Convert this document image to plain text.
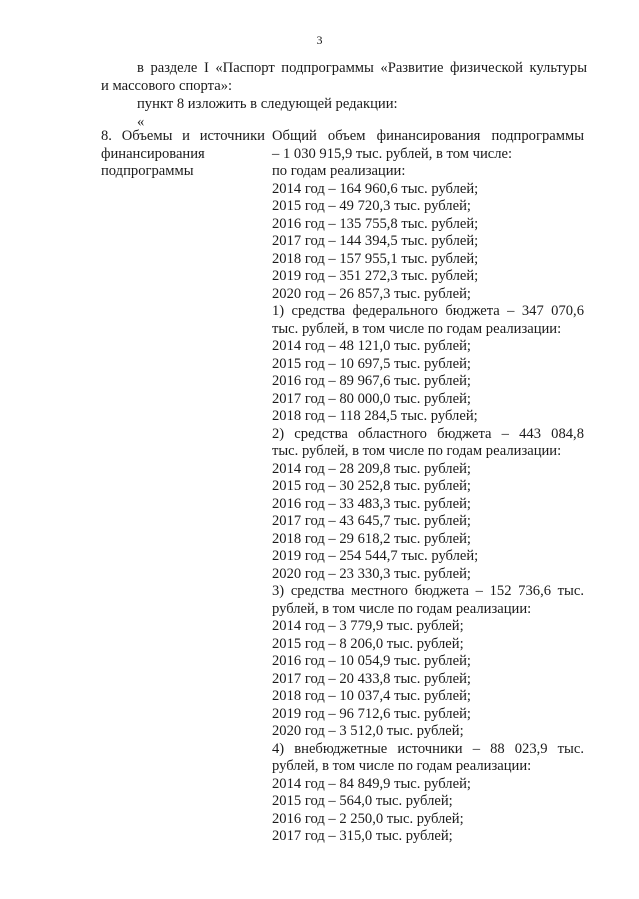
3
в разделе I «Паспорт подпрограммы «Развитие физической культуры
и массового спорта»:
пункт 8 изложить в следующей редакции:
«
8. Объемы и источники
финансирования
подпрограммы
Общий объем финансирования подпрограммы
– 1 030 915,9 тыс. рублей, в том числе:
по годам реализации:
2014 год – 164 960,6 тыс. рублей;
2015 год – 49 720,3 тыс. рублей;
2016 год – 135 755,8 тыс. рублей;
2017 год – 144 394,5 тыс. рублей;
2018 год – 157 955,1 тыс. рублей;
2019 год – 351 272,3 тыс. рублей;
2020 год – 26 857,3 тыс. рублей;
1) средства федерального бюджета – 347 070,6
тыс. рублей, в том числе по годам реализации:
2014 год – 48 121,0 тыс. рублей;
2015 год – 10 697,5 тыс. рублей;
2016 год – 89 967,6 тыс. рублей;
2017 год – 80 000,0 тыс. рублей;
2018 год – 118 284,5 тыс. рублей;
2) средства областного бюджета – 443 084,8
тыс. рублей, в том числе по годам реализации:
2014 год – 28 209,8 тыс. рублей;
2015 год – 30 252,8 тыс. рублей;
2016 год – 33 483,3 тыс. рублей;
2017 год – 43 645,7 тыс. рублей;
2018 год – 29 618,2 тыс. рублей;
2019 год – 254 544,7 тыс. рублей;
2020 год – 23 330,3 тыс. рублей;
3) средства местного бюджета – 152 736,6 тыс.
рублей, в том числе по годам реализации:
2014 год – 3 779,9 тыс. рублей;
2015 год – 8 206,0 тыс. рублей;
2016 год – 10 054,9 тыс. рублей;
2017 год – 20 433,8 тыс. рублей;
2018 год – 10 037,4 тыс. рублей;
2019 год – 96 712,6 тыс. рублей;
2020 год – 3 512,0 тыс. рублей;
4) внебюджетные источники – 88 023,9 тыс.
рублей, в том числе по годам реализации:
2014 год – 84 849,9 тыс. рублей;
2015 год – 564,0 тыс. рублей;
2016 год – 2 250,0 тыс. рублей;
2017 год – 315,0 тыс. рублей;
